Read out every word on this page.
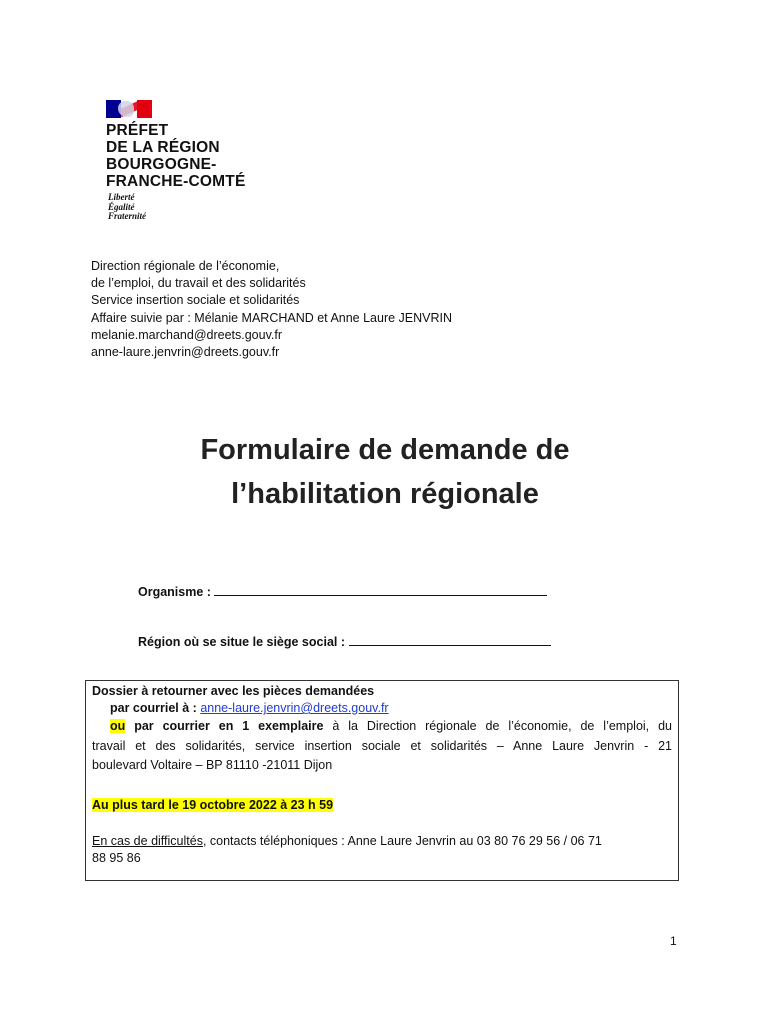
PRÉFET
DE LA RÉGION
BOURGOGNE-
FRANCHE-COMTÉ
Liberté
Égalité
Fraternité
Direction régionale de l’économie,
de l’emploi, du travail et des solidarités
Service insertion sociale et solidarités
Affaire suivie par : Mélanie MARCHAND et Anne Laure JENVRIN
melanie.marchand@dreets.gouv.fr
anne-laure.jenvrin@dreets.gouv.fr
Formulaire de demande de
l’habilitation régionale
Organisme :
Région où se situe le siège social :
Dossier à retourner avec les pièces demandées
par courriel à : anne-laure.jenvrin@dreets.gouv.fr
ou par courrier en 1 exemplaire à la Direction régionale de l’économie, de l’emploi, du
travail et des solidarités, service insertion sociale et solidarités – Anne Laure Jenvrin - 21
boulevard Voltaire – BP 81110 -21011 Dijon
Au plus tard le 19 octobre 2022 à 23 h 59
En cas de difficultés, contacts téléphoniques : Anne Laure Jenvrin au 03 80 76 29 56 / 06 71
88 95 86
1
